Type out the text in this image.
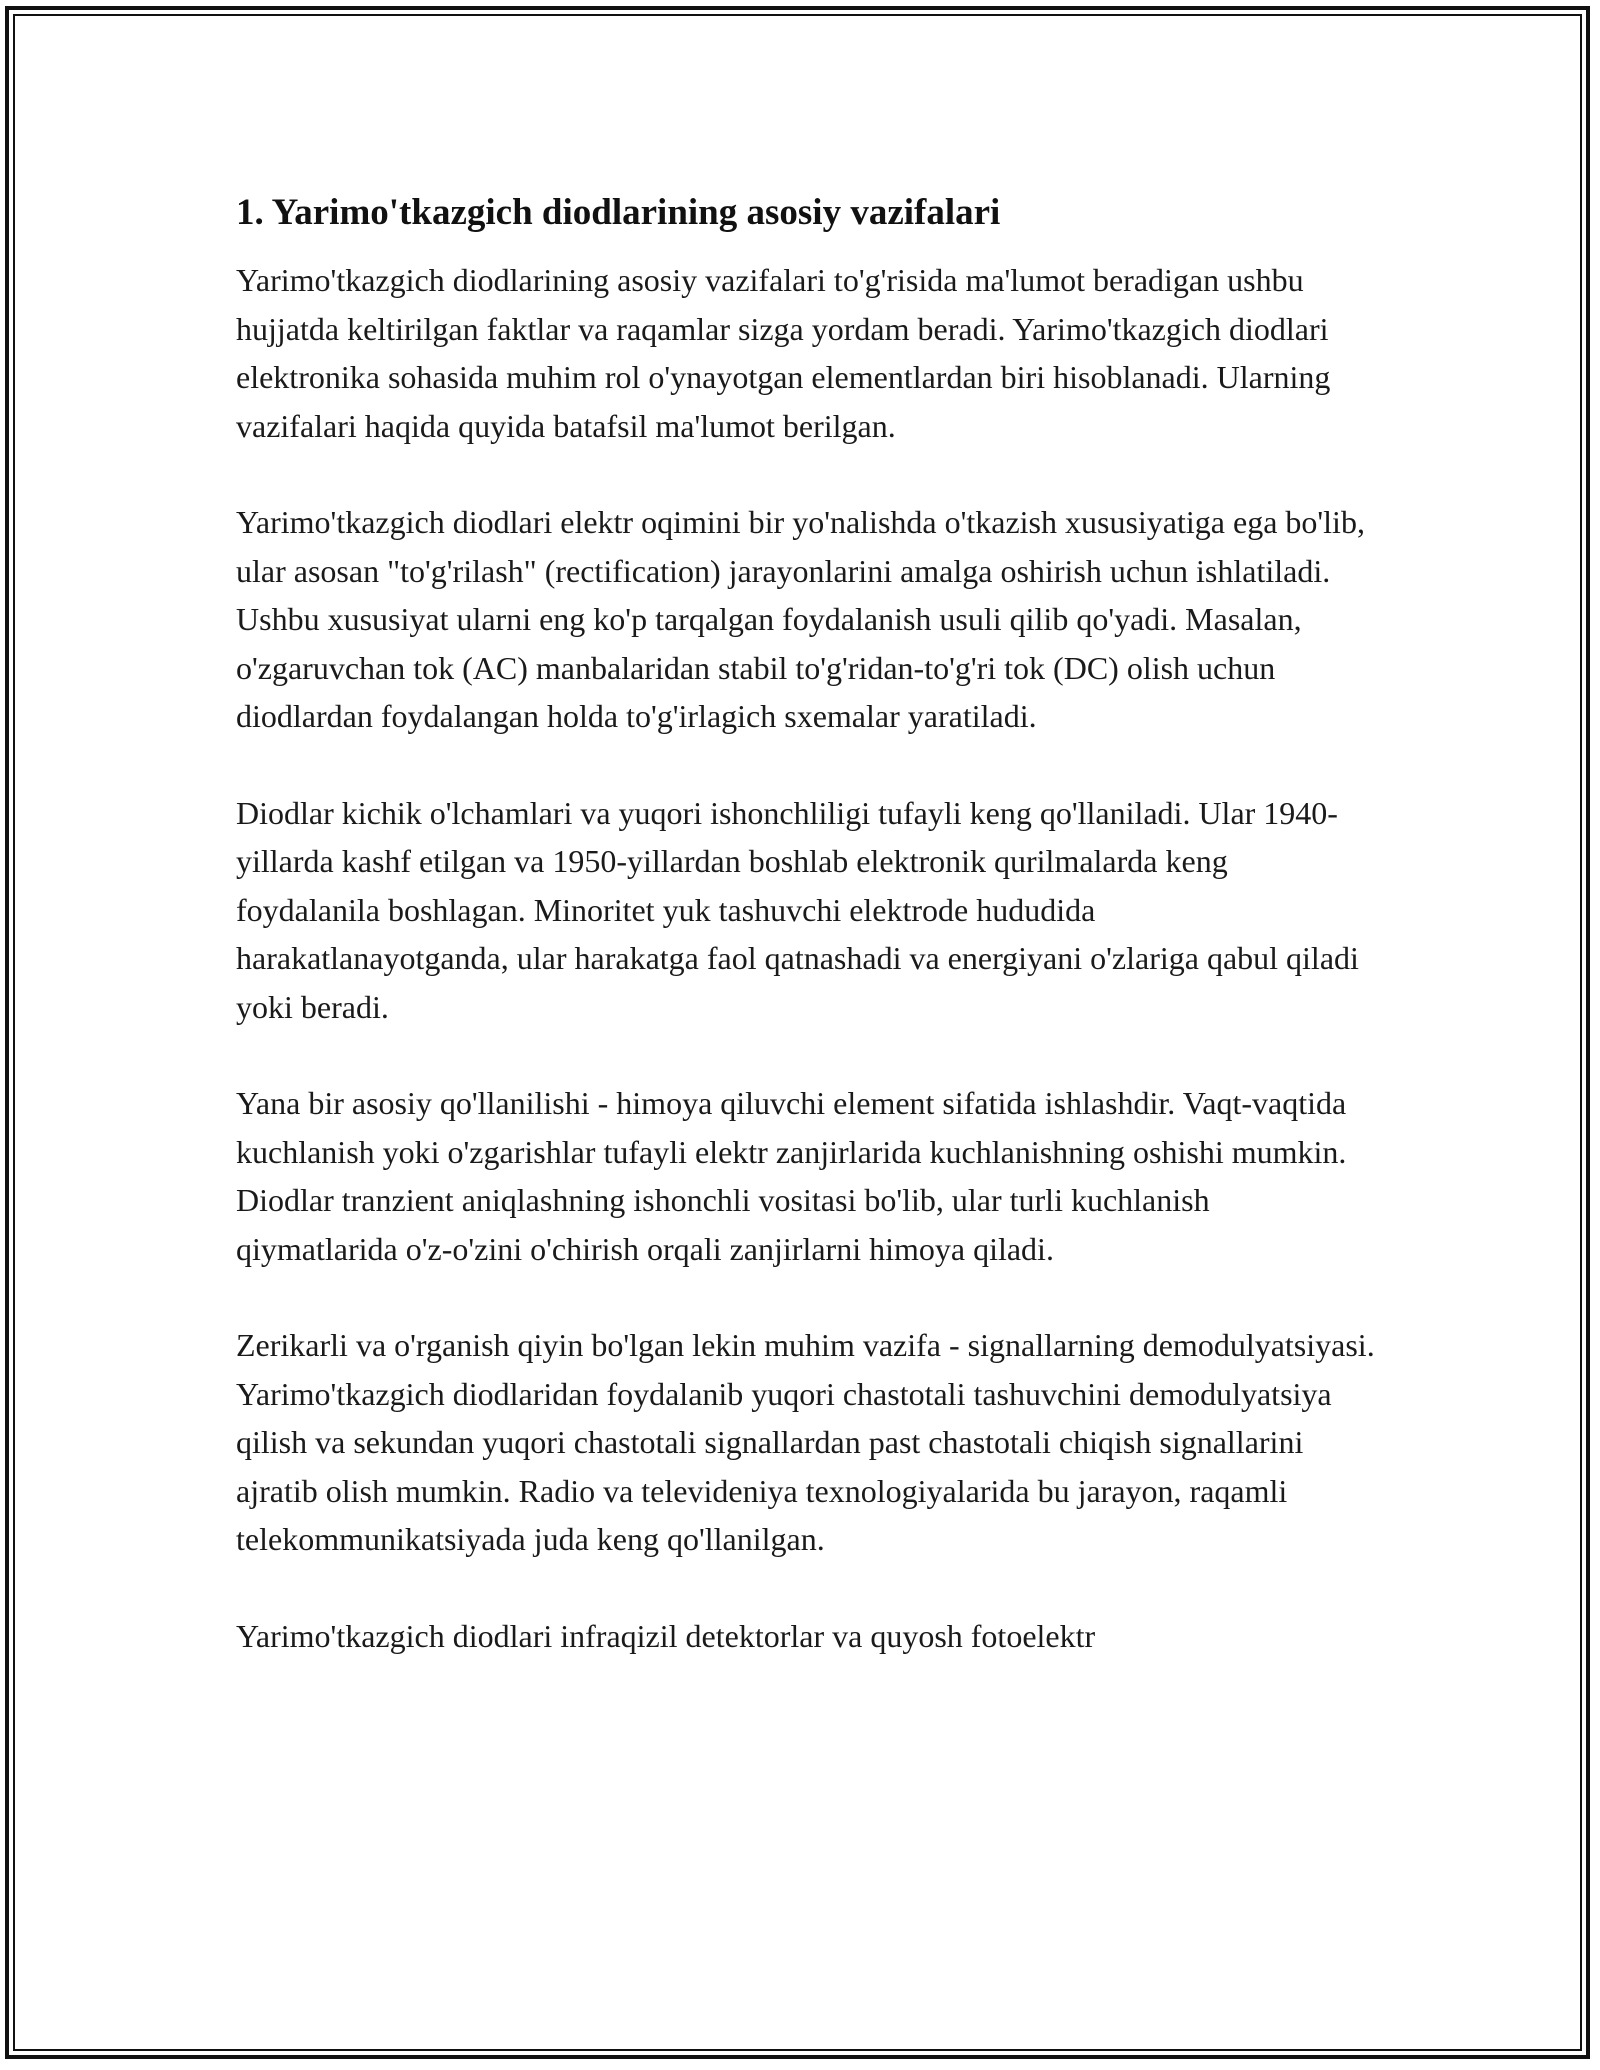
1. Yarimo'tkazgich diodlarining asosiy vazifalari

Yarimo'tkazgich diodlarining asosiy vazifalari to'g'risida ma'lumot beradigan ushbu hujjatda keltirilgan faktlar va raqamlar sizga yordam beradi. Yarimo'tkazgich diodlari elektronika sohasida muhim rol o'ynayotgan elementlardan biri hisoblanadi. Ularning vazifalari haqida quyida batafsil ma'lumot berilgan.

Yarimo'tkazgich diodlari elektr oqimini bir yo'nalishda o'tkazish xususiyatiga ega bo'lib, ular asosan "to'g'rilash" (rectification) jarayonlarini amalga oshirish uchun ishlatiladi. Ushbu xususiyat ularni eng ko'p tarqalgan foydalanish usuli qilib qo'yadi. Masalan, o'zgaruvchan tok (AC) manbalaridan stabil to'g'ridan-to'g'ri tok (DC) olish uchun diodlardan foydalangan holda to'g'irlagich sxemalar yaratiladi.

Diodlar kichik o'lchamlari va yuqori ishonchliligi tufayli keng qo'llaniladi. Ular 1940-yillarda kashf etilgan va 1950-yillardan boshlab elektronik qurilmalarda keng foydalanila boshlagan. Minoritet yuk tashuvchi elektrode hududida harakatlanayotganda, ular harakatga faol qatnashadi va energiyani o'zlariga qabul qiladi yoki beradi.

Yana bir asosiy qo'llanilishi - himoya qiluvchi element sifatida ishlashdir. Vaqt-vaqtida kuchlanish yoki o'zgarishlar tufayli elektr zanjirlarida kuchlanishning oshishi mumkin. Diodlar tranzient aniqlashning ishonchli vositasi bo'lib, ular turli kuchlanish qiymatlarida o'z-o'zini o'chirish orqali zanjirlarni himoya qiladi.

Zerikarli va o'rganish qiyin bo'lgan lekin muhim vazifa - signallarning demodulyatsiyasi. Yarimo'tkazgich diodlaridan foydalanib yuqori chastotali tashuvchini demodulyatsiya qilish va sekundan yuqori chastotali signallardan past chastotali chiqish signallarini ajratib olish mumkin. Radio va televideniya texnologiyalarida bu jarayon, raqamli telekommunikatsiyada juda keng qo'llanilgan.

Yarimo'tkazgich diodlari infraqizil detektorlar va quyosh fotoelektr
